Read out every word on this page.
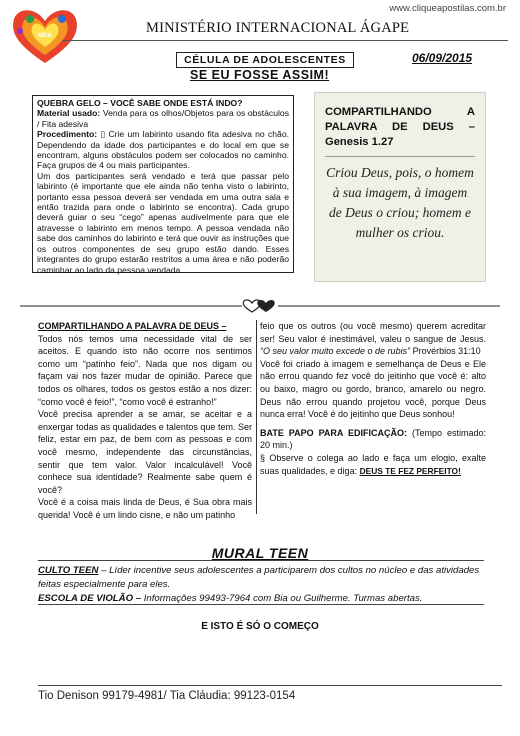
www.cliqueapostilas.com.br
MDA	MINISTÉRIO INTERNACIONAL ÁGAPE
CÉLULA DE ADOLESCENTES	06/09/2015
SE EU FOSSE ASSIM!

QUEBRA GELO – VOCÊ SABE ONDE ESTÁ INDO?

Material usado: Venda para os olhos/Objetos para os obstáculos / Fita adesiva

Procedimento: ▯ Crie um labirinto usando fita adesiva no chão. Dependendo da idade dos participantes e do local em que se encontram, alguns obstáculos podem ser colocados no caminho. Faça grupos de 4 ou mais participantes.

Um dos participantes será vendado e terá que passar pelo labirinto (é importante que ele ainda não tenha visto o labirinto, portanto essa pessoa deverá ser vendada em uma outra sala e então trazida para onde o labirinto se encontra). Cada grupo deverá guiar o seu “cego” apenas audivelmente para que ele atravesse o labirinto em menos tempo. A pessoa vendada não sabe dos caminhos do labirinto e terá que ouvir as instruções que os outros componentes de seu grupo estão dando. Esses integrantes do grupo estarão restritos a uma área e não poderão caminhar ao lado da pessoa vendada

COMPARTILHANDO A PALAVRA DE DEUS – Genesis 1.27
Criou Deus, pois, o homem à sua imagem, à imagem de Deus o criou; homem e mulher os criou.

COMPARTILHANDO A PALAVRA DE DEUS –

Todos nós temos uma necessidade vital de ser aceitos. E quando isto não ocorre nos sentimos como um “patinho feio”. Nada que nos digam ou façam vai nos fazer mudar de opinião. Parece que todos os olhares, todos os gestos estão a nos dizer: “como você é feio!”, “como você é estranho!”

Você precisa aprender a se amar, se aceitar e a enxergar todas as qualidades e talentos que tem. Ser feliz, estar em paz, de bem com as pessoas e com você mesmo, independente das circunstâncias, sentir que tem valor. Valor incalculável! Você conhece sua identidade? Realmente sabe quem é você?

Você é a coisa mais linda de Deus, é Sua obra mais querida! Você é um lindo cisne, e não um patinho

feio que os outros (ou você mesmo) querem acreditar ser! Seu valor é inestimável, valeu o sangue de Jesus. “O seu valor muito excede o de rubis” Provérbios 31:10

Você foi criado à imagem e semelhança de Deus e Ele não errou quando fez você do jeitinho que você é: alto ou baixo, magro ou gordo, branco, amarelo ou negro. Deus não errou quando projetou você, porque Deus nunca erra! Você é do jeitinho que Deus sonhou!

BATE PAPO PARA EDIFICAÇÃO: (Tempo estimado: 20 min.)

§ Observe o colega ao lado e faça um elogio, exalte suas qualidades, e diga: DEUS TE FEZ PERFEITO!

MURAL TEEN

CULTO TEEN – Líder incentive seus adolescentes a participarem dos cultos no núcleo e das atividades feitas especialmente para eles.

ESCOLA DE VIOLÃO – Informações 99493-7964 com Bia ou Guilherme. Turmas abertas.

E ISTO É SÓ O COMEÇO
Tio Denison 99179-4981/ Tia Cláudia: 99123-0154
